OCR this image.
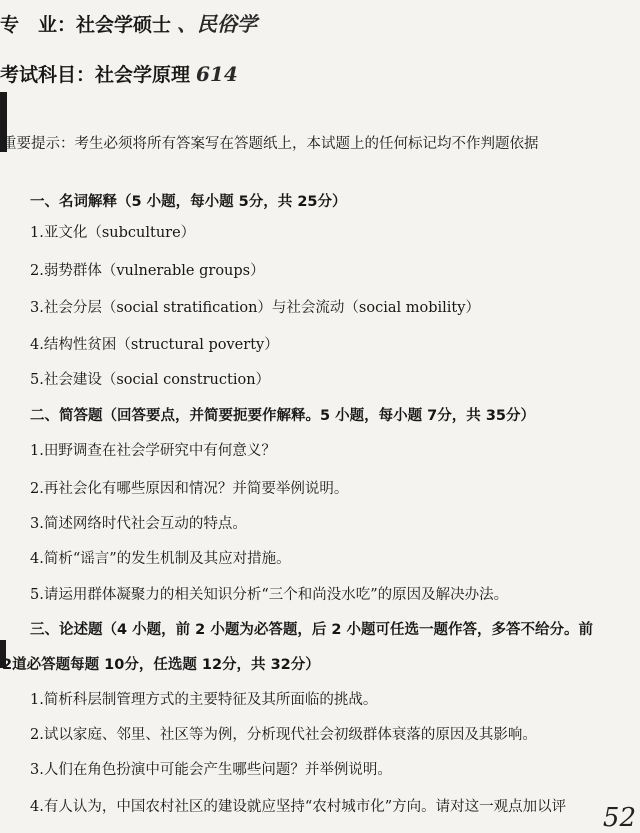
专　业：社会学硕士 、民俗学
考试科目：社会学原理 614
重要提示：考生必须将所有答案写在答题纸上，本试题上的任何标记均不作判题依据
一、名词解释（5 小题，每小题 5分，共 25分）
1.亚文化（subculture）
2.弱势群体（vulnerable groups）
3.社会分层（social stratification）与社会流动（social mobility）
4.结构性贫困（structural poverty）
5.社会建设（social construction）
二、简答题（回答要点，并简要扼要作解释。5 小题，每小题 7分，共 35分）
1.田野调查在社会学研究中有何意义？
2.再社会化有哪些原因和情况？并简要举例说明。
3.简述网络时代社会互动的特点。
4.简析“谣言”的发生机制及其应对措施。
5.请运用群体凝聚力的相关知识分析“三个和尚没水吃”的原因及解决办法。
三、论述题（4 小题，前 2 小题为必答题，后 2 小题可任选一题作答，多答不给分。前
2道必答题每题 10分，任选题 12分，共 32分）
1.简析科层制管理方式的主要特征及其所面临的挑战。
2.试以家庭、邻里、社区等为例，分析现代社会初级群体衰落的原因及其影响。
3.人们在角色扮演中可能会产生哪些问题？并举例说明。
4.有人认为，中国农村社区的建设就应坚持“农村城市化”方向。请对这一观点加以评 52
